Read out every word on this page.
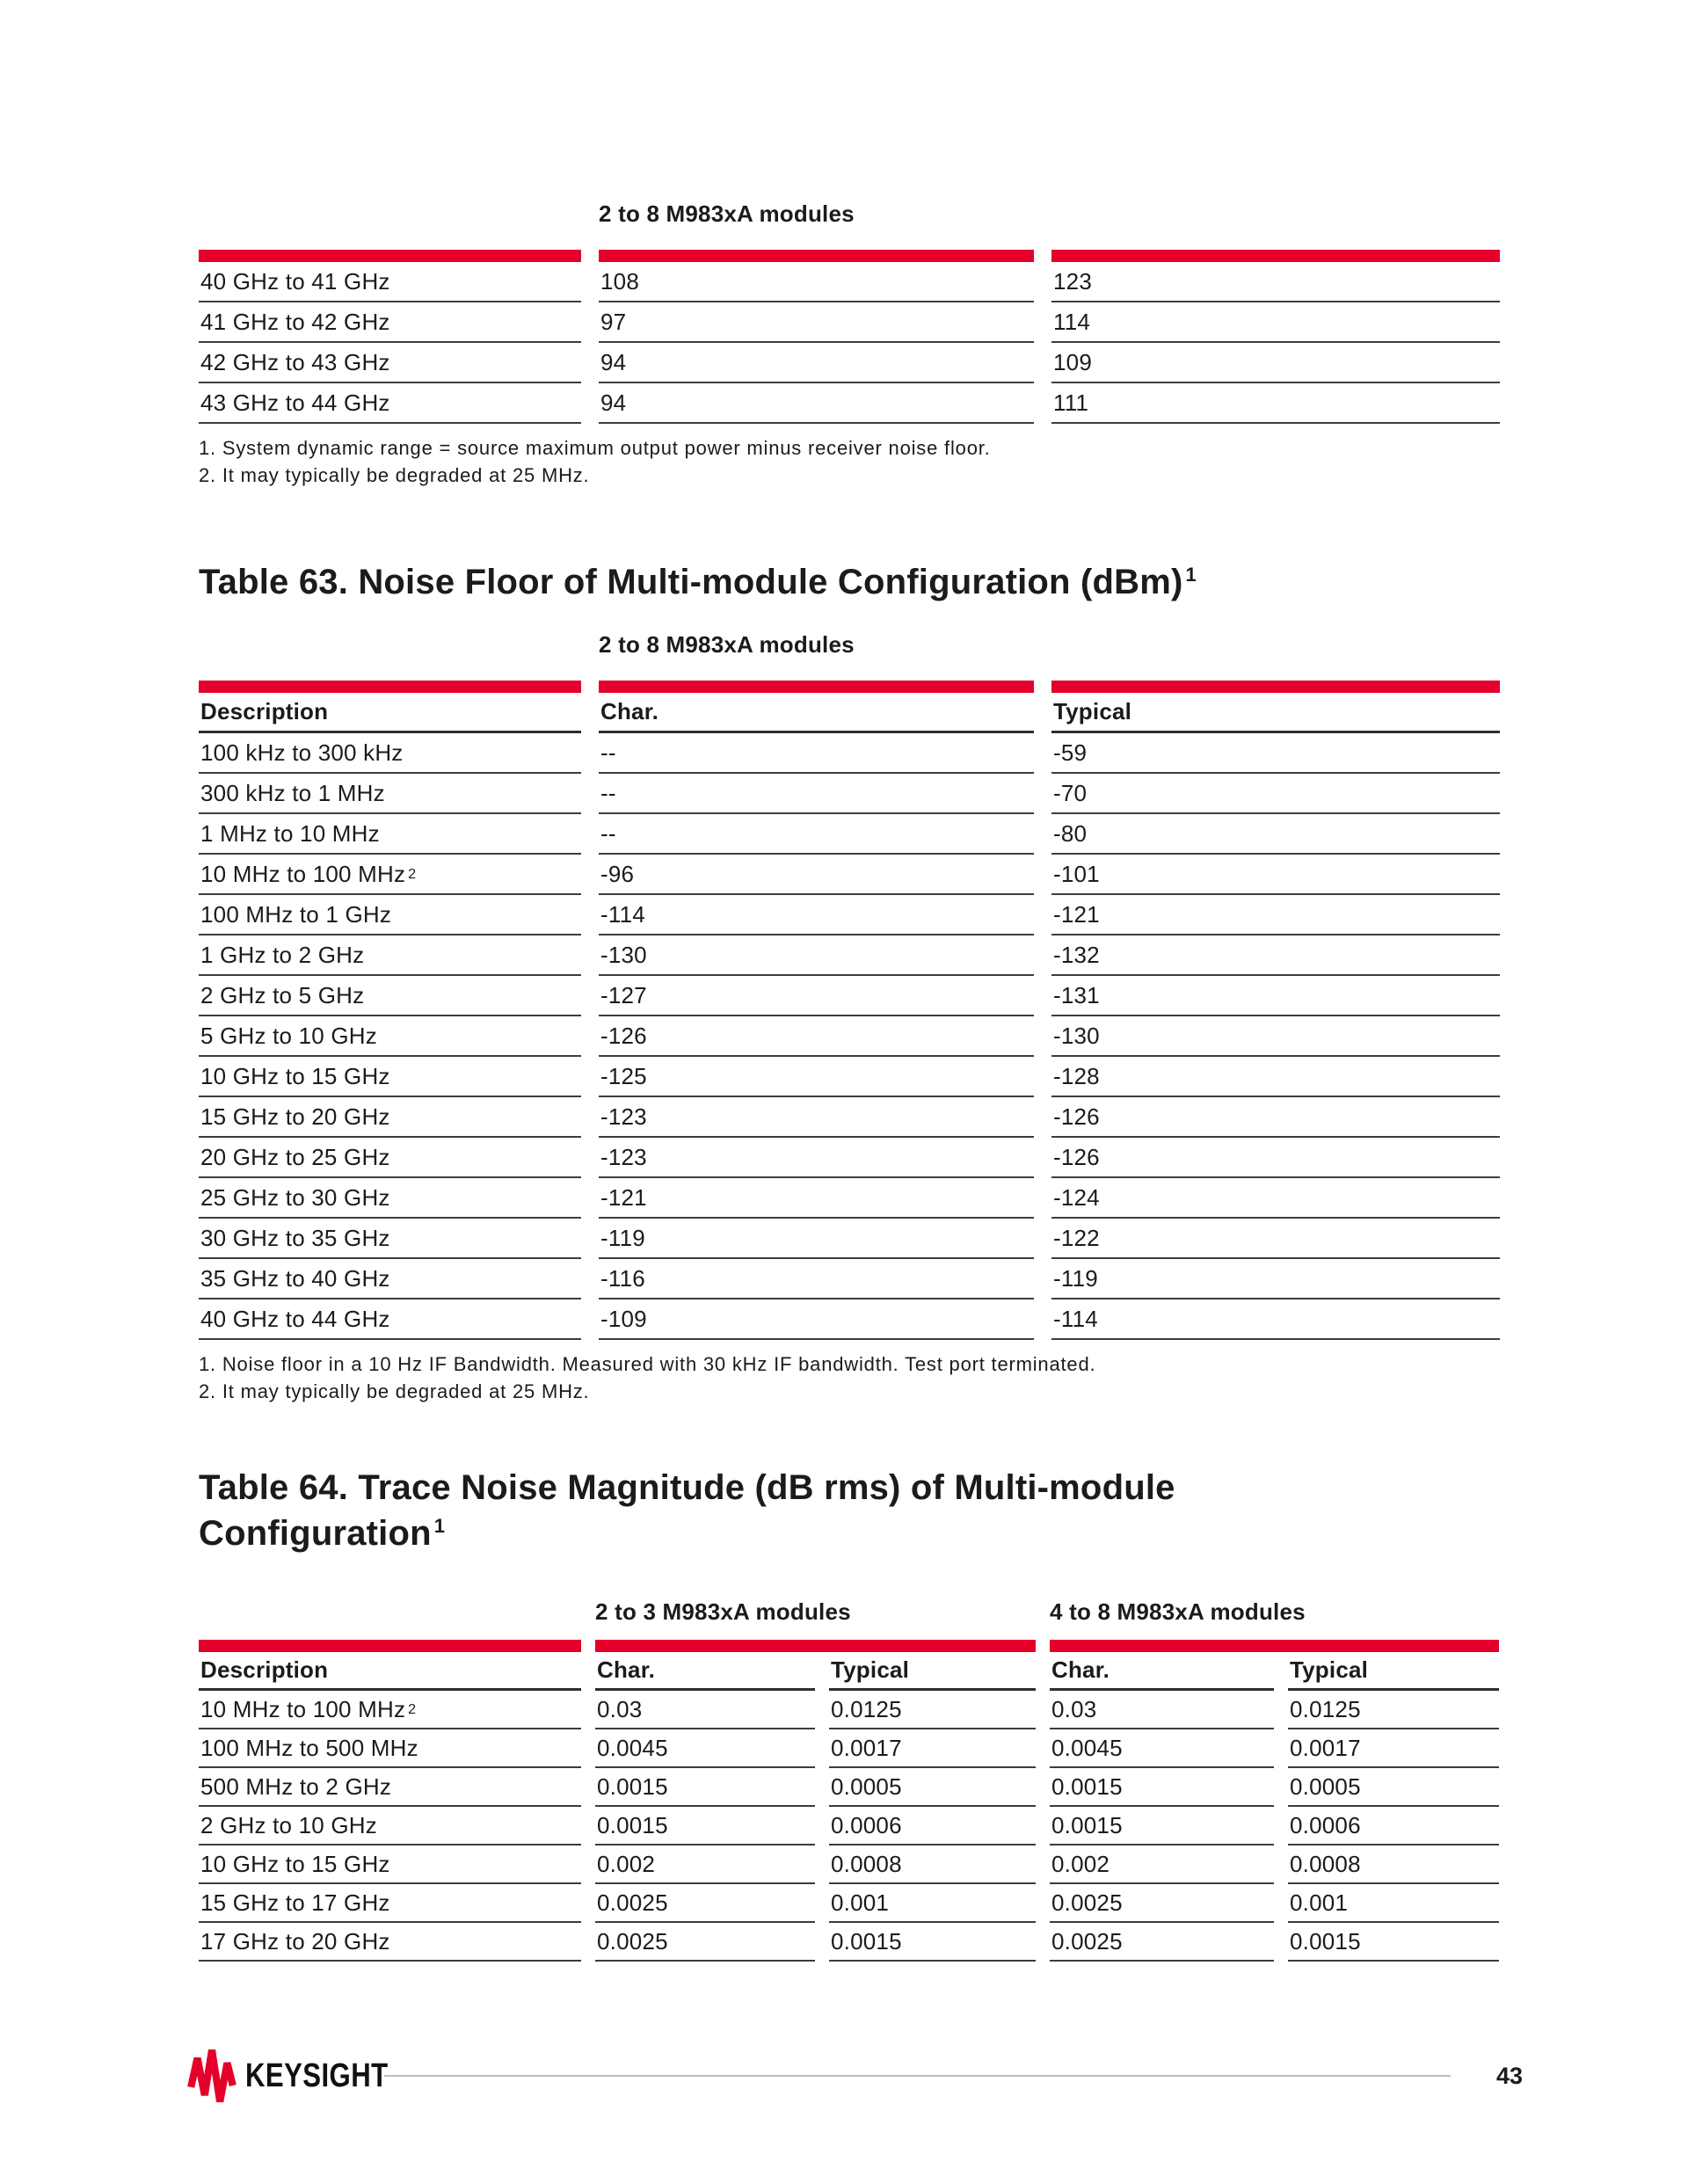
2 to 8 M983xA modules
40 GHz to 41 GHz	108	123
41 GHz to 42 GHz	97	114
42 GHz to 43 GHz	94	109
43 GHz to 44 GHz	94	111
1. System dynamic range = source maximum output power minus receiver noise floor.
2. It may typically be degraded at 25 MHz.
Table 63. Noise Floor of Multi-module Configuration (dBm) $^1$
2 to 8 M983xA modules
Description	Char.	Typical
100 kHz to 300 kHz	--	-59
300 kHz to 1 MHz	--	-70
1 MHz to 10 MHz	--	-80
10 MHz to 100 MHz 2	-96	-101
100 MHz to 1 GHz	-114	-121
1 GHz to 2 GHz	-130	-132
2 GHz to 5 GHz	-127	-131
5 GHz to 10 GHz	-126	-130
10 GHz to 15 GHz	-125	-128
15 GHz to 20 GHz	-123	-126
20 GHz to 25 GHz	-123	-126
25 GHz to 30 GHz	-121	-124
30 GHz to 35 GHz	-119	-122
35 GHz to 40 GHz	-116	-119
40 GHz to 44 GHz	-109	-114
1. Noise floor in a 10 Hz IF Bandwidth. Measured with 30 kHz IF bandwidth. Test port terminated.
2. It may typically be degraded at 25 MHz.
Table 64. Trace Noise Magnitude (dB rms) of Multi-module
Configuration $^1$
2 to 3 M983xA modules	4 to 8 M983xA modules
Description	Char.	Typical	Char.	Typical
10 MHz to 100 MHz 2	0.03	0.0125	0.03	0.0125
100 MHz to 500 MHz	0.0045	0.0017	0.0045	0.0017
500 MHz to 2 GHz	0.0015	0.0005	0.0015	0.0005
2 GHz to 10 GHz	0.0015	0.0006	0.0015	0.0006
10 GHz to 15 GHz	0.002	0.0008	0.002	0.0008
15 GHz to 17 GHz	0.0025	0.001	0.0025	0.001
17 GHz to 20 GHz	0.0025	0.0015	0.0025	0.0015
KEYSIGHT	43
